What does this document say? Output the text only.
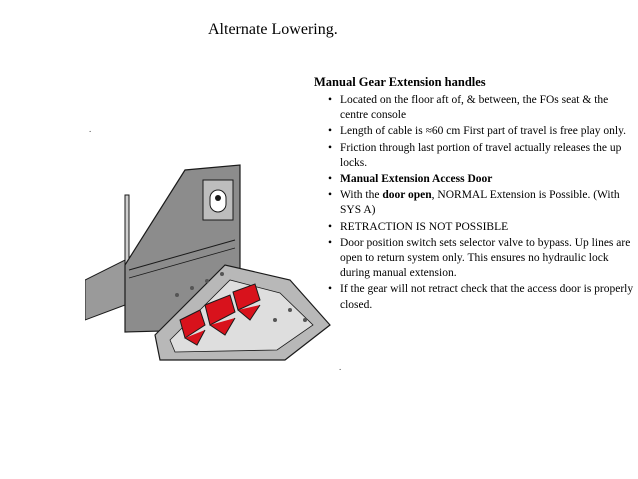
Alternate Lowering.
.
.
Manual Gear Extension handles
• Located on the floor aft of, & between, the FOs seat & the centre console
• Length of cable is ≈60 cm First part of travel is free play only.
• Friction through last portion of travel actually releases the up locks.
• Manual Extension Access Door
• With the door open, NORMAL Extension is Possible. (With SYS A)
• RETRACTION IS NOT POSSIBLE
• Door position switch sets selector valve to bypass. Up lines are open to return system only. This ensures no hydraulic lock during manual extension.
• If the gear will not retract check that the access door is properly closed.
